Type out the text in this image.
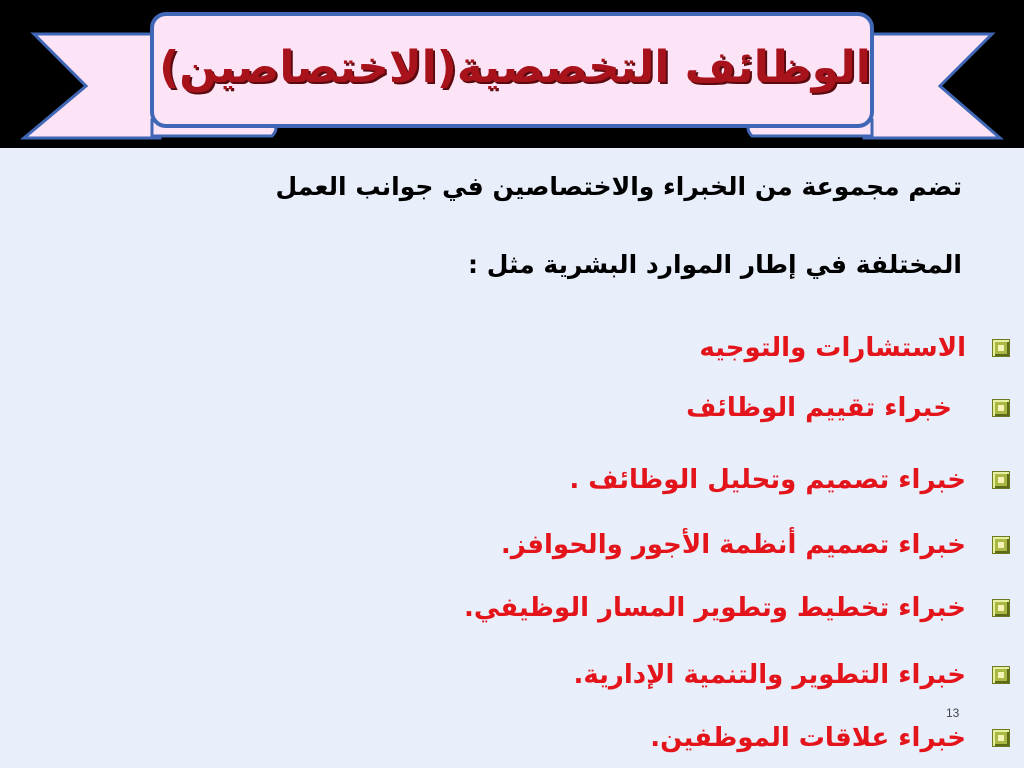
الوظائف التخصصية(الاختصاصين)
تضم مجموعة من الخبراء والاختصاصين في جوانب العمل
المختلفة في إطار الموارد البشرية مثل :
الاستشارات والتوجيه
خبراء تقييم الوظائف
خبراء تصميم وتحليل الوظائف .
خبراء تصميم أنظمة الأجور والحوافز.
خبراء تخطيط وتطوير المسار الوظيفي.
خبراء التطوير والتنمية الإدارية.
خبراء علاقات الموظفين.
13
